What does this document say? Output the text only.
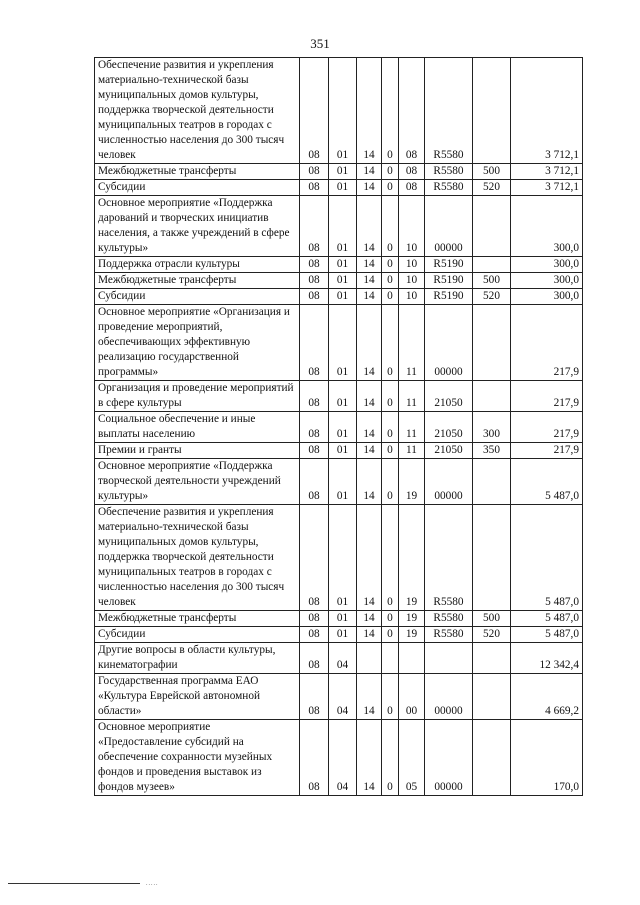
351
Обеспечение развития и укрепления материально-технической базы муниципальных домов культуры, поддержка творческой деятельности муниципальных театров в городах с численностью населения до 300 тысяч человек	08	01	14	0	08	R5580		3 712,1
Межбюджетные трансферты	08	01	14	0	08	R5580	500	3 712,1
Субсидии	08	01	14	0	08	R5580	520	3 712,1
Основное мероприятие «Поддержка дарований и творческих инициатив населения, а также учреждений в сфере культуры»	08	01	14	0	10	00000		300,0
Поддержка отрасли культуры	08	01	14	0	10	R5190		300,0
Межбюджетные трансферты	08	01	14	0	10	R5190	500	300,0
Субсидии	08	01	14	0	10	R5190	520	300,0
Основное мероприятие «Организация и проведение мероприятий, обеспечивающих эффективную реализацию государственной программы»	08	01	14	0	11	00000		217,9
Организация и проведение мероприятий в сфере культуры	08	01	14	0	11	21050		217,9
Социальное обеспечение и иные выплаты населению	08	01	14	0	11	21050	300	217,9
Премии и гранты	08	01	14	0	11	21050	350	217,9
Основное мероприятие «Поддержка творческой деятельности учреждений культуры»	08	01	14	0	19	00000		5 487,0
Обеспечение развития и укрепления материально-технической базы муниципальных домов культуры, поддержка творческой деятельности муниципальных театров в городах с численностью населения до 300 тысяч человек	08	01	14	0	19	R5580		5 487,0
Межбюджетные трансферты	08	01	14	0	19	R5580	500	5 487,0
Субсидии	08	01	14	0	19	R5580	520	5 487,0
Другие вопросы в области культуры, кинематографии	08	04						12 342,4
Государственная программа ЕАО «Культура Еврейской автономной области»	08	04	14	0	00	00000		4 669,2
Основное мероприятие «Предоставление субсидий на обеспечение сохранности музейных фондов и проведения выставок из фондов музеев»	08	04	14	0	05	00000		170,0
.....
